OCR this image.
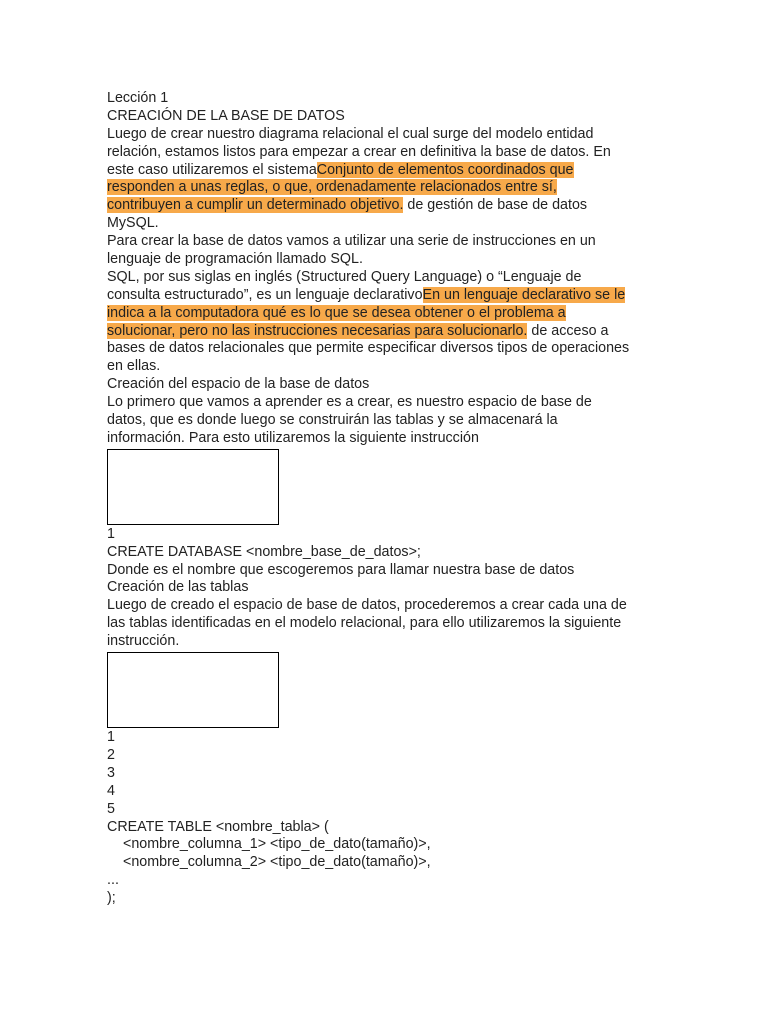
Lección 1
CREACIÓN DE LA BASE DE DATOS
Luego de crear nuestro diagrama relacional el cual surge del modelo entidad
relación, estamos listos para empezar a crear en definitiva la base de datos. En
este caso utilizaremos el sistemaConjunto de elementos coordinados que
responden a unas reglas, o que, ordenadamente relacionados entre sí,
contribuyen a cumplir un determinado objetivo. de gestión de base de datos
MySQL.
Para crear la base de datos vamos a utilizar una serie de instrucciones en un
lenguaje de programación llamado SQL.
SQL, por sus siglas en inglés (Structured Query Language) o “Lenguaje de
consulta estructurado”, es un lenguaje declarativoEn un lenguaje declarativo se le
indica a la computadora qué es lo que se desea obtener o el problema a
solucionar, pero no las instrucciones necesarias para solucionarlo. de acceso a
bases de datos relacionales que permite especificar diversos tipos de operaciones
en ellas.
Creación del espacio de la base de datos
Lo primero que vamos a aprender es a crear, es nuestro espacio de base de
datos, que es donde luego se construirán las tablas y se almacenará la
información. Para esto utilizaremos la siguiente instrucción
1
CREATE DATABASE <nombre_base_de_datos>;
Donde es el nombre que escogeremos para llamar nuestra base de datos
Creación de las tablas
Luego de creado el espacio de base de datos, procederemos a crear cada una de
las tablas identificadas en el modelo relacional, para ello utilizaremos la siguiente
instrucción.
1
2
3
4
5
CREATE TABLE <nombre_tabla> (
<nombre_columna_1> <tipo_de_dato(tamaño)>,
<nombre_columna_2> <tipo_de_dato(tamaño)>,
...
);
